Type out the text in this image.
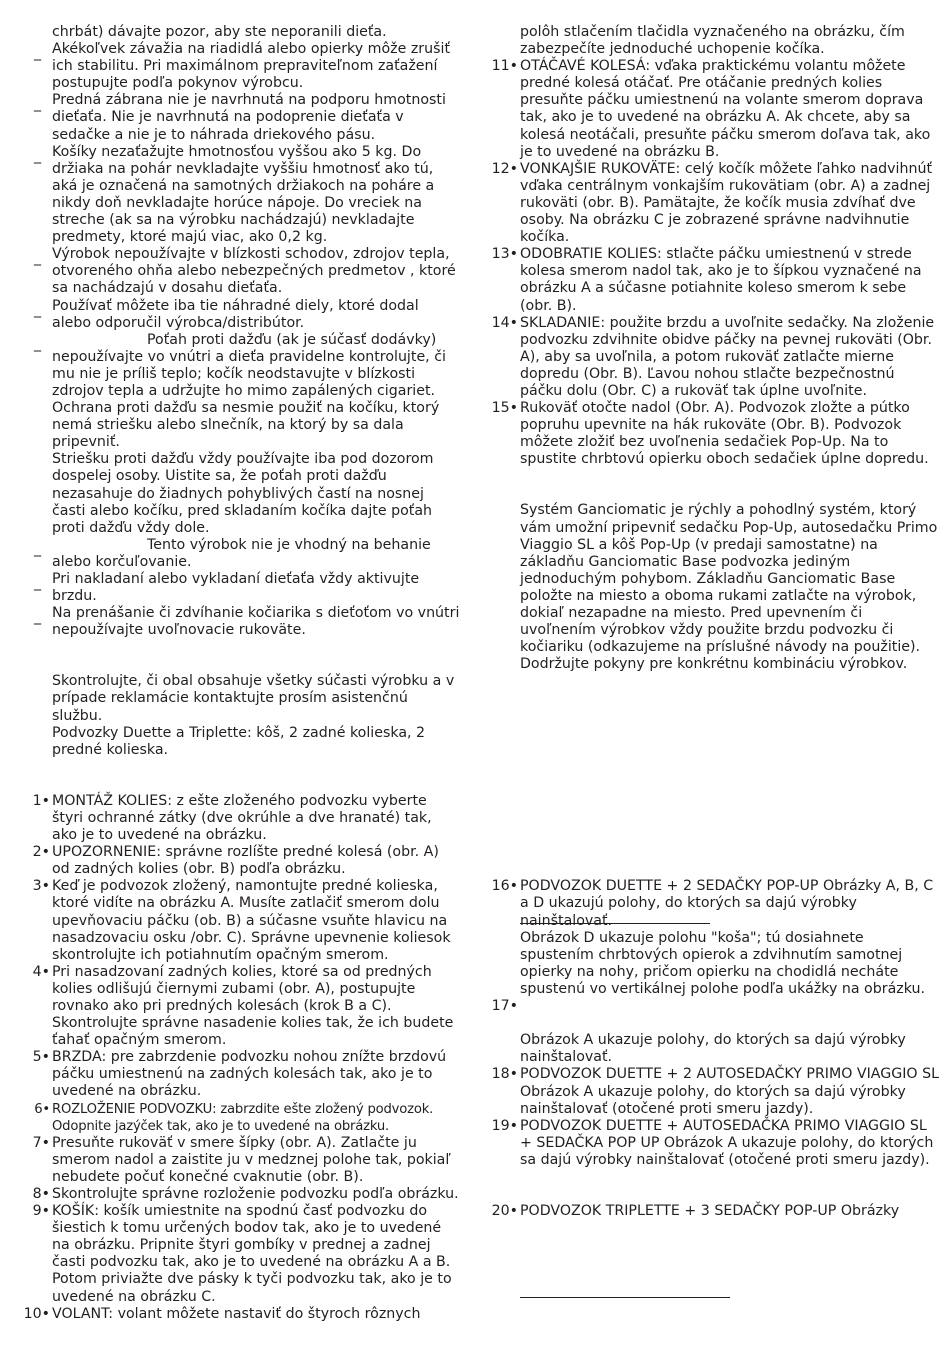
chrbát) dávajte pozor, aby ste neporanili dieťa.

_ Akékoľvek závažia na riadidlá alebo opierky môže zrušiť ich stabilitu. Pri maximálnom prepraviteľnom zaťažení postupujte podľa pokynov výrobcu.
_ Predná zábrana nie je navrhnutá na podporu hmotnosti dieťaťa. Nie je navrhnutá na podoprenie dieťaťa v sedačke a nie je to náhrada driekového pásu.
_ Košíky nezaťažujte hmotnosťou vyššou ako 5 kg. Do držiaka na pohár nevkladajte vyššiu hmotnosť ako tú, aká je označená na samotných držiakoch na poháre a nikdy doň nevkladajte horúce nápoje. Do vreciek na streche (ak sa na výrobku nachádzajú) nevkladajte predmety, ktoré majú viac, ako 0,2 kg.
_ Výrobok nepoužívajte v blízkosti schodov, zdrojov tepla, otvoreného ohňa alebo nebezpečných predmetov , ktoré sa nachádzajú v dosahu dieťaťa.
_ Používať môžete iba tie náhradné diely, ktoré dodal alebo odporučil výrobca/distribútor.
_	Poťah proti dažďu (ak je súčasť dodávky) nepoužívajte vo vnútri a dieťa pravidelne kontrolujte, či mu nie je príliš teplo; kočík neodstavujte v blízkosti zdrojov tepla a udržujte ho mimo zapálených cigariet.

Ochrana proti dažďu sa nesmie použiť na kočíku, ktorý nemá striešku alebo slnečník, na ktorý by sa dala pripevniť.

Striešku proti dažďu vždy používajte iba pod dozorom dospelej osoby. Uistite sa, že poťah proti dažďu nezasahuje do žiadnych pohyblivých častí na nosnej časti alebo kočíku, pred skladaním kočíka dajte poťah proti dažďu vždy dole.

_	Tento výrobok nie je vhodný na behanie alebo korčuľovanie.
_ Pri nakladaní alebo vykladaní dieťaťa vždy aktivujte brzdu.
_ Na prenášanie či zdvíhanie kočiarika s dieťoťom vo vnútri nepoužívajte uvoľnovacie rukoväte.

Skontrolujte, či obal obsahuje všetky súčasti výrobku a v prípade reklamácie kontaktujte prosím asistenčnú službu.

Podvozky Duette a Triplette: kôš, 2 zadné kolieska, 2 predné kolieska.

1• MONTÁŽ KOLIES: z ešte zloženého podvozku vyberte štyri ochranné zátky (dve okrúhle a dve hranaté) tak, ako je to uvedené na obrázku.
2• UPOZORNENIE: správne rozlíšte predné kolesá (obr. A) od zadných kolies (obr. B) podľa obrázku.
3• Keď je podvozok zložený, namontujte predné kolieska, ktoré vidíte na obrázku A. Musíte zatlačiť smerom dolu upevňovaciu páčku (ob. B) a súčasne vsuňte hlavicu na nasadzovaciu osku /obr. C). Správne upevnenie koliesok skontrolujte ich potiahnutím opačným smerom.
4• Pri nasadzovaní zadných kolies, ktoré sa od predných kolies odlišujú čiernymi zubami (obr. A), postupujte rovnako ako pri predných kolesách (krok B a C). Skontrolujte správne nasadenie kolies tak, že ich budete ťahať opačným smerom.
5• BRZDA: pre zabrzdenie podvozku nohou znížte brzdovú páčku umiestnenú na zadných kolesách tak, ako je to uvedené na obrázku.
6• ROZLOŽENIE PODVOZKU: zabrzdite ešte zložený podvozok. Odopnite jazýček tak, ako je to uvedené na obrázku.
7• Presuňte rukoväť v smere šípky (obr. A). Zatlačte ju smerom nadol a zaistite ju v medznej polohe tak, pokiaľ nebudete počuť konečné cvaknutie (obr. B).
8• Skontrolujte správne rozloženie podvozku podľa obrázku.
9• KOŠÍK: košík umiestnite na spodnú časť podvozku do šiestich k tomu určených bodov tak, ako je to uvedené na obrázku. Pripnite štyri gombíky v prednej a zadnej časti podvozku tak, ako je to uvedené na obrázku A a B. Potom priviažte dve pásky k tyči podvozku tak, ako je to uvedené na obrázku C.
10• VOLANT: volant môžete nastaviť do štyroch rôznych

polôh stlačením tlačidla vyznačeného na obrázku, čím zabezpečíte jednoduché uchopenie kočíka.

11• OTÁČAVÉ KOLESÁ: vďaka praktickému volantu môžete predné kolesá otáčať. Pre otáčanie predných kolies presuňte páčku umiestnenú na volante smerom doprava tak, ako je to uvedené na obrázku A. Ak chcete, aby sa kolesá neotáčali, presuňte páčku smerom doľava tak, ako je to uvedené na obrázku B.
12• VONKAJŠIE RUKOVÄTE: celý kočík môžete ľahko nadvihnúť vďaka centrálnym vonkajším rukovätiam (obr. A) a zadnej rukoväti (obr. B). Pamätajte, že kočík musia zdvíhať dve osoby. Na obrázku C je zobrazené správne nadvihnutie kočíka.
13• ODOBRATIE KOLIES: stlačte páčku umiestnenú v strede kolesa smerom nadol tak, ako je to šípkou vyznačené na obrázku A a súčasne potiahnite koleso smerom k sebe (obr. B).
14• SKLADANIE: použite brzdu a uvoľnite sedačky. Na zloženie podvozku zdvihnite obidve páčky na pevnej rukoväti (Obr. A), aby sa uvoľnila, a potom rukoväť zatlačte mierne dopredu (Obr. B). Ľavou nohou stlačte bezpečnostnú páčku dolu (Obr. C) a rukoväť tak úplne uvoľnite.
15• Rukoväť otočte nadol (Obr. A). Podvozok zložte a pútko popruhu upevnite na hák rukoväte (Obr. B). Podvozok môžete zložiť bez uvoľnenia sedačiek Pop-Up. Na to spustite chrbtovú opierku oboch sedačiek úplne dopredu.

Systém Ganciomatic je rýchly a pohodlný systém, ktorý vám umožní pripevniť sedačku Pop-Up, autosedačku Primo Viaggio SL a kôš Pop-Up (v predaji samostatne) na základňu Ganciomatic Base podvozka jediným jednoduchým pohybom. Základňu Ganciomatic Base položte na miesto a oboma rukami zatlačte na výrobok, dokiaľ nezapadne na miesto. Pred upevnením či uvoľnením výrobkov vždy použite brzdu podvozku či kočiariku (odkazujeme na príslušné návody na použitie). Dodržujte pokyny pre konkrétnu kombináciu výrobkov.

16• PODVOZOK DUETTE + 2 SEDAČKY POP-UP Obrázky A, B, C a D ukazujú polohy, do ktorých sa dajú výrobky nainštalovať.
Obrázok D ukazuje polohu "koša"; tú dosiahnete spustením chrbtových opierok a zdvihnutím samotnej opierky na nohy, pričom opierku na chodidlá necháte spustenú vo vertikálnej polohe podľa ukážky na obrázku.
17•

Obrázok A ukazuje polohy, do ktorých sa dajú výrobky nainštalovať.
18• PODVOZOK DUETTE + 2 AUTOSEDAČKY PRIMO VIAGGIO SL Obrázok A ukazuje polohy, do ktorých sa dajú výrobky nainštalovať (otočené proti smeru jazdy).
19• PODVOZOK DUETTE + AUTOSEDAČKA PRIMO VIAGGIO SL + SEDAČKA POP UP Obrázok A ukazuje polohy, do ktorých sa dajú výrobky nainštalovať (otočené proti smeru jazdy).
20• PODVOZOK TRIPLETTE + 3 SEDAČKY POP-UP Obrázky
